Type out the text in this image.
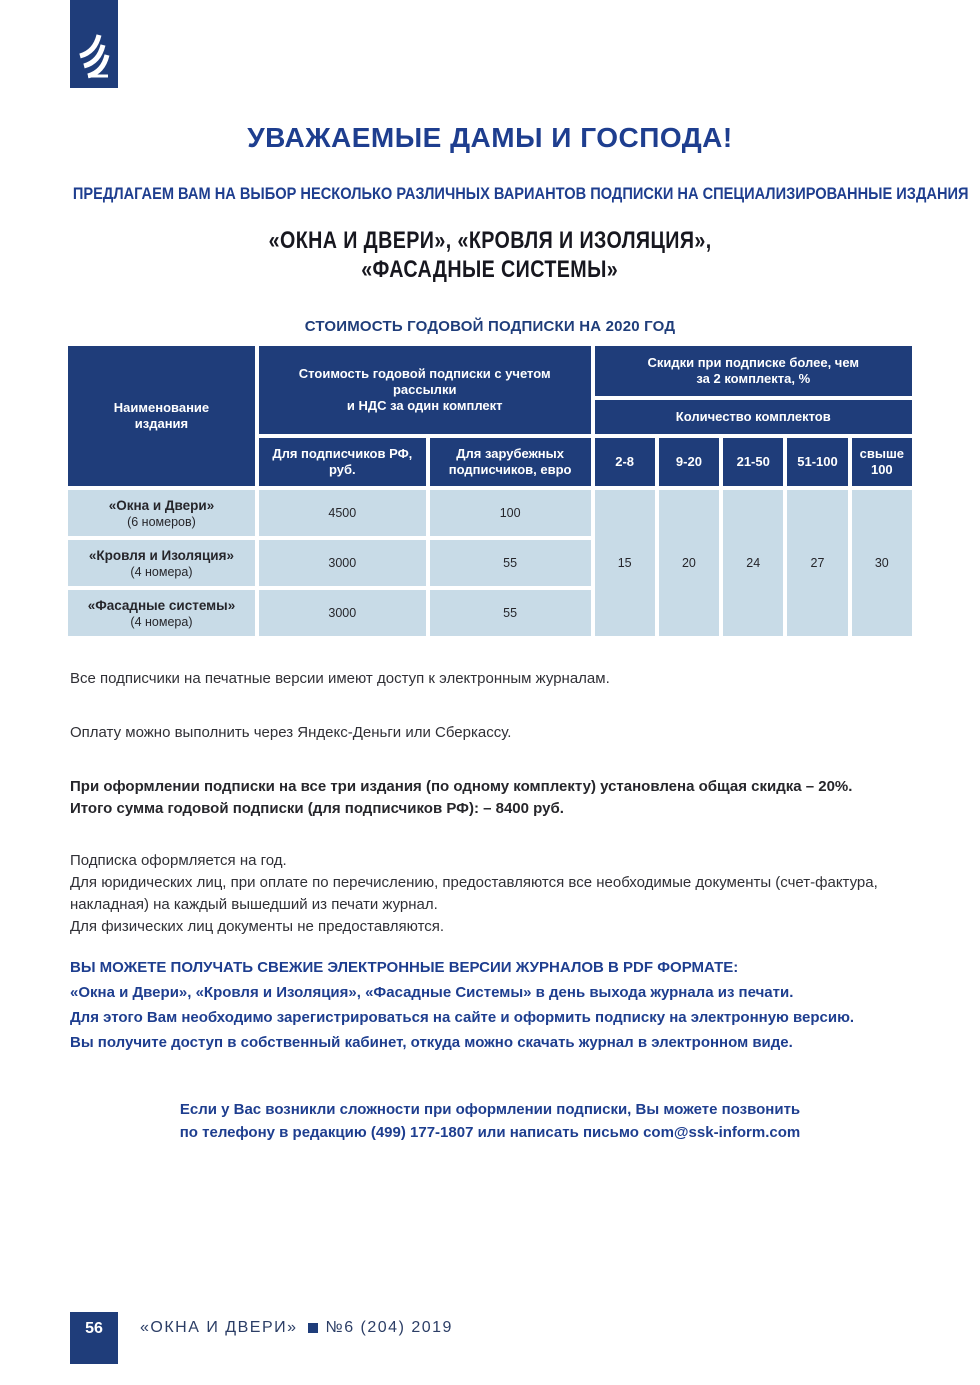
УВАЖАЕМЫЕ ДАМЫ И ГОСПОДА!
ПРЕДЛАГАЕМ ВАМ НА ВЫБОР НЕСКОЛЬКО РАЗЛИЧНЫХ ВАРИАНТОВ ПОДПИСКИ НА СПЕЦИАЛИЗИРОВАННЫЕ ИЗДАНИЯ
«ОКНА И ДВЕРИ», «КРОВЛЯ И ИЗОЛЯЦИЯ»,
«ФАСАДНЫЕ СИСТЕМЫ»
СТОИМОСТЬ ГОДОВОЙ ПОДПИСКИ НА 2020 ГОД
Наименование
издания

Стоимость годовой подписки с учетом
рассылки
и НДС за один комплект

Скидки при подписке более, чем
за 2 комплекта, %

			Количество комплектов				
	Для подписчиков РФ, руб.	Для зарубежных подписчиков, евро	2-8	9-20	21-50	51-100	свыше 100

«Окна и Двери»
(6 номеров)	4500	100	15	20	24	27	30

«Кровля и Изоляция»
(4 номера)	3000	55					

«Фасадные системы»
(4 номера)	3000	55					
Все подписчики на печатные версии имеют доступ к электронным журналам.
Оплату можно выполнить через Яндекс-Деньги или Сберкассу.
При оформлении подписки на все три издания (по одному комплекту) установлена общая скидка – 20%.
Итого сумма годовой подписки (для подписчиков РФ): – 8400 руб.
Подписка оформляется на год.
Для юридических лиц, при оплате по перечислению, предоставляются все необходимые документы (счет-фактура, накладная) на каждый вышедший из печати журнал.
Для физических лиц документы не предоставляются.
ВЫ МОЖЕТЕ ПОЛУЧАТЬ СВЕЖИЕ ЭЛЕКТРОННЫЕ ВЕРСИИ ЖУРНАЛОВ В PDF ФОРМАТЕ:
«Окна и Двери», «Кровля и Изоляция», «Фасадные Системы» в день выхода журнала из печати.
Для этого Вам необходимо зарегистрироваться на сайте и оформить подписку на электронную версию.
Вы получите доступ в собственный кабинет, откуда можно скачать журнал в электронном виде.
Если у Вас возникли сложности при оформлении подписки, Вы можете позвонить
по телефону в редакцию (499) 177-1807 или написать письмо com@ssk-inform.com
56	«ОКНА И ДВЕРИ» №6 (204) 2019
